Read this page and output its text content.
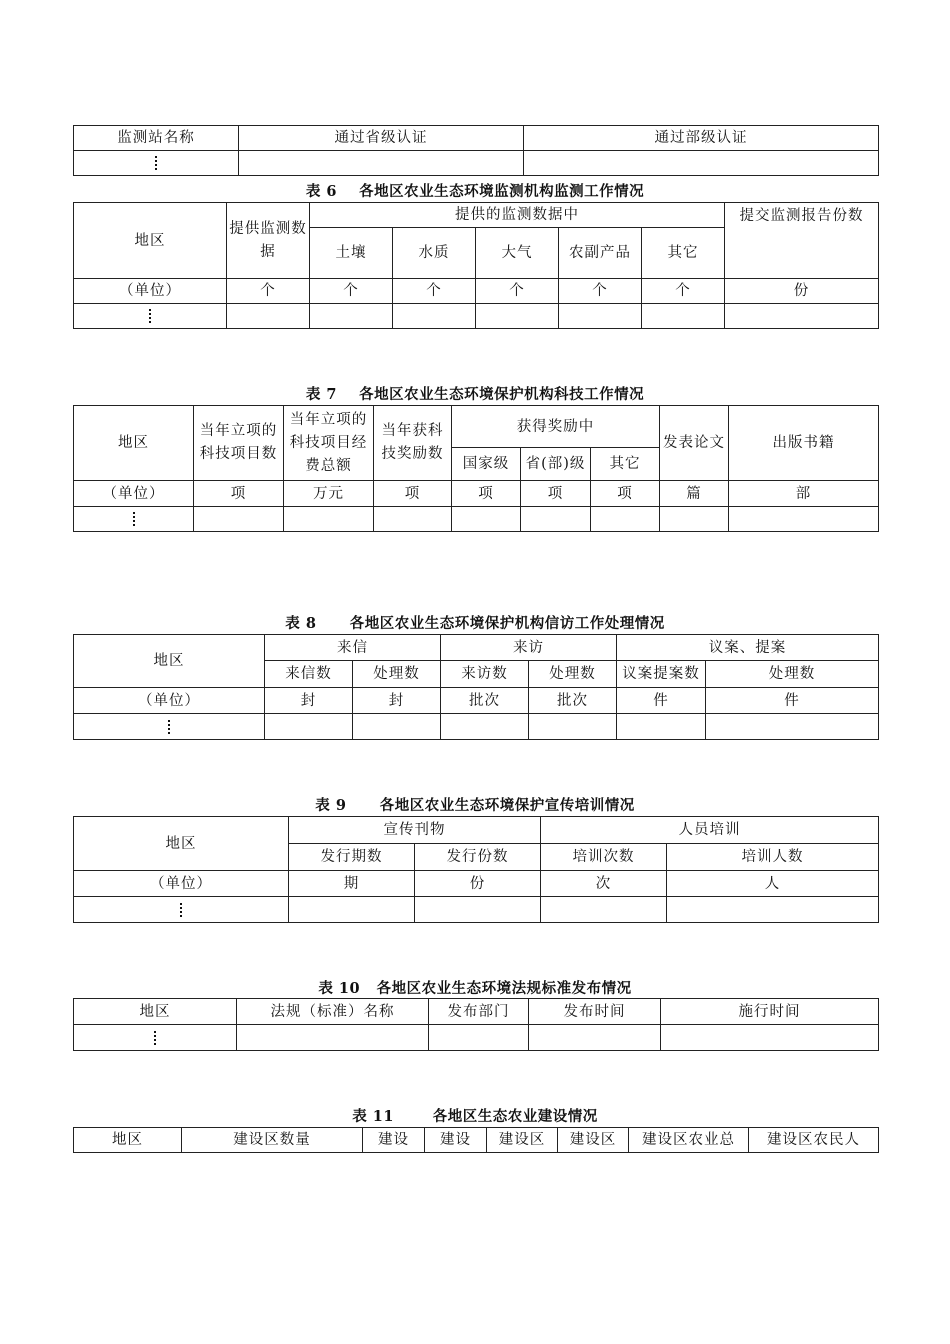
监测站名称	通过省级认证	通过部级认证

表 6    各地区农业生态环境监测机构监测工作情况
地区	提供监测数据	提供的监测数据中					提交监测报告份数
		土壤	水质	大气	农副产品	其它	
（单位）	个	个	个	个	个	个	份

表 7    各地区农业生态环境保护机构科技工作情况
地区	当年立项的科技项目数	当年立项的科技项目经费总额	当年获科技奖励数	获得奖励中			发表论文	出版书籍
				国家级	省(部)级	其它		
（单位）	项	万元	项	项	项	项	篇	部

表 8      各地区农业生态环境保护机构信访工作处理情况
地区	来信		来访		议案、提案	
	来信数	处理数	来访数	处理数	议案提案数	处理数
（单位）	封	封	批次	批次	件	件

表 9      各地区农业生态环境保护宣传培训情况
地区	宣传刊物		人员培训	
	发行期数	发行份数	培训次数	培训人数
（单位）	期	份	次	人

表 10   各地区农业生态环境法规标准发布情况
地区	法规（标准）名称	发布部门	发布时间	施行时间

表 11       各地区生态农业建设情况
地区	建设区数量	建设	建设	建设区	建设区	建设区农业总	建设区农民人
